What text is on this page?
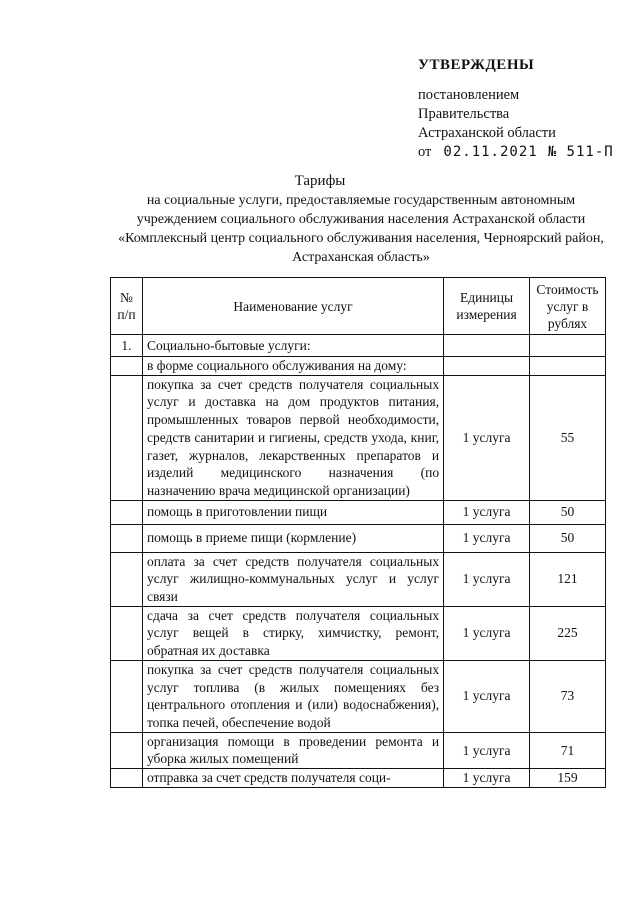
УТВЕРЖДЕНЫ
постановлением
Правительства
Астраханской области
от 02.11.2021 № 511-П
Тарифы
на социальные услуги, предоставляемые государственным автономным учреждением социального обслуживания населения Астраханской области «Комплексный центр социального обслуживания населения, Черноярский район, Астраханская область»
№ п/п	Наименование услуг	Единицы измерения	Стоимость услуг в рублях
1.	Социально-бытовые услуги:		
	в форме социального обслуживания на дому:		
	покупка за счет средств получателя социальных услуг и доставка на дом продуктов питания, промышленных товаров первой необходимости, средств санитарии и гигиены, средств ухода, книг, газет, журналов, лекарственных препаратов и изделий медицинского назначения (по назначению врача медицинской организации)	1 услуга	55
	помощь в приготовлении пищи	1 услуга	50
	помощь в приеме пищи (кормление)	1 услуга	50
	оплата за счет средств получателя социальных услуг жилищно-коммунальных услуг и услуг связи	1 услуга	121
	сдача за счет средств получателя социальных услуг вещей в стирку, химчистку, ремонт, обратная их доставка	1 услуга	225
	покупка за счет средств получателя социальных услуг топлива (в жилых помещениях без центрального отопления и (или) водоснабжения), топка печей, обеспечение водой	1 услуга	73
	организация помощи в проведении ремонта и уборка жилых помещений	1 услуга	71
	отправка за счет средств получателя соци-	1 услуга	159
